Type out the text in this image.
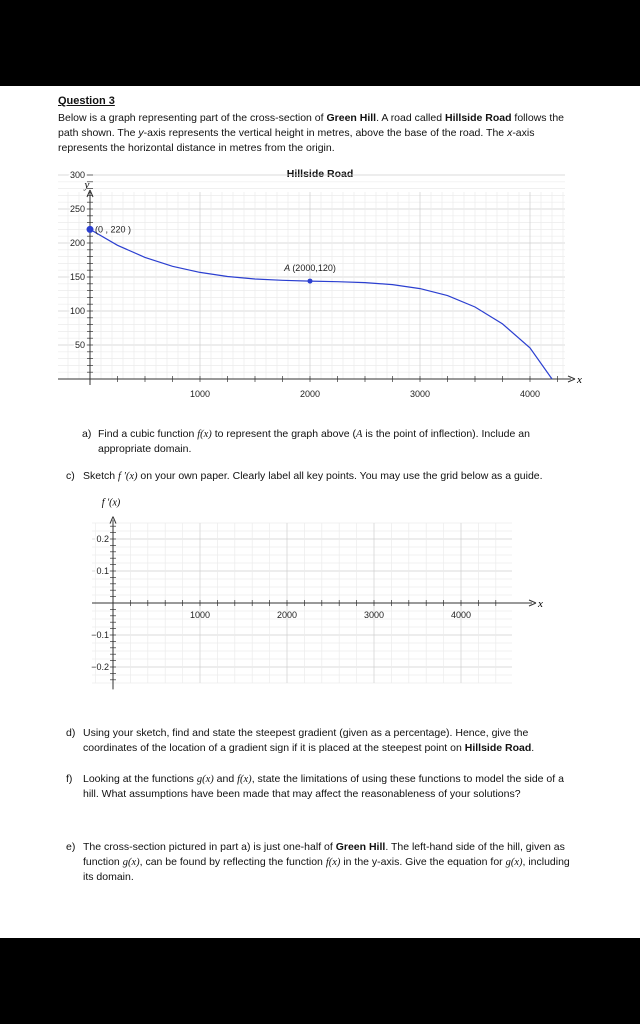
Question 3
Below is a graph representing part of the cross-section of Green Hill. A road called Hillside Road follows the path shown. The y-axis represents the vertical height in metres, above the base of the road. The x-axis represents the horizontal distance in metres from the origin.
Hillside Road
300
250
200
150
100
50
1000	2000	3000	4000
x
y
(0 , 220 )
A (2000,120)
a) Find a cubic function f(x) to represent the graph above (A is the point of inflection). Include an appropriate domain.
c) Sketch f '(x) on your own paper. Clearly label all key points. You may use the grid below as a guide.
0.2
0.1
−0.1
−0.2
1000	2000	3000	4000
x
f '(x)
d) Using your sketch, find and state the steepest gradient (given as a percentage). Hence, give the coordinates of the location of a gradient sign if it is placed at the steepest point on Hillside Road.
f) Looking at the functions g(x) and f(x), state the limitations of using these functions to model the side of a hill. What assumptions have been made that may affect the reasonableness of your solutions?
e) The cross-section pictured in part a) is just one-half of Green Hill. The left-hand side of the hill, given as function g(x), can be found by reflecting the function f(x) in the y-axis. Give the equation for g(x), including its domain.
